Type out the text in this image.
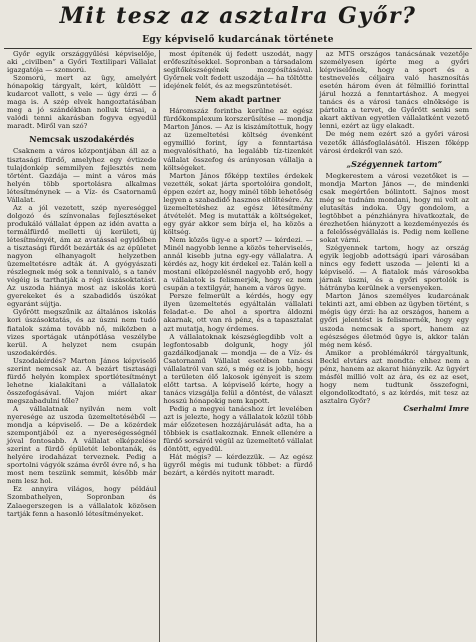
Mit tesz az asztalra Győr?
Egy képviselő kudarcának története

Győr egyik országgyűlési képviselője, aki „civilben” a Győri Textilipari Vállalat igazgatója — szomorú.

Szomorú, mert az ügy, amelyért hónapokig tárgyalt, kért, küldött — kudarcot vallott, s vele — úgy érzi — ő maga is. A szép elvek hangoztatásában meg a jó szándékban nolluk társai, a valódi tenni akarásban fogyva egyedül maradt. Miről van szó?

Nemcsak uszodakérdés

Csaknem a város központjában áll az a tisztasági fürdő, amelyhez egy évtizede tulajdonkép semmilyen fejlesztés nem történt. Gazdája — mint a város más helyén több sportolásra alkalmas létesítménynek — a Víz- és Csatornamű Vállalat.

Az a jól vezetett, szép nyereséggel dolgozó és színvonalas fejlesztéseket produkáló vállalat éppen az idén avatta a termálfürdő melletti új kerületi, új létesítményét, ám az avatással egyidőben a tisztasági fürdőt bezárták és az épületet nagyon elhanyagolt helyzetben üzemeltetésre adták át. A gyógyászati részlegnek még sok a tennivaló, s a tanév végéig is tarthatják a régi úszásoktatást. Az uszoda hiánya most az iskolás korú gyerekeket és a szabadidős úszókat egyaránt sújtja.

Győrött megszűnik az általános iskolás kori úszásoktatás, és az úszni nem tudó fiatalok száma tovább nő, miközben a vizes sportágak utánpótlása veszélybe kerül. A helyzet nem csupán uszodakérdés.

Uszodakérdés? Marton János képviselő szerint nemcsak az. A bezárt tisztasági fürdő helyén komplex sportlétesítményt lehetne kialakítani a vállalatok összefogásával. Vajon miért akar megszabadulni tőle?

A vállalatnak nyilván nem volt nyeresége az uszoda üzemeltetéséből — mondja a képviselő. — De a közérdek szempontjából ez a nyereségességnél jóval fontosabb. A vállalat elképzelése szerint a fürdő épületét lebontanák, és helyére irodaházat terveznek. Pedig a sportolni vágyók száma évről évre nő, s ha most nem teszünk semmit, később már nem lesz hol.

Ez annyira világos, hogy például Szombathelyen, Sopronban és Zalaegerszegen is a vállalatok közösen tartják fenn a hasonló létesítményeket.

most építenék új fedett uszodát, nagy erőfeszítésekkel. Sopronban a társadalom segítőkészségének mozgósításával. Győrnek volt fedett uszodája — ha töltötte idejének felét, és az megszüntetését.

Nem akadt partner

Háromszáz forintba kerülne az egész fürdőkomplexum korszerűsítése — mondja Marton János. — Az is kiszámítottuk, hogy az üzemeltetési költség évenként egymillió forint, így a fenntartása megvalósítható, ha legalább tíz-tizenkét vállalat összefog és arányosan vállalja a költségeket.

Marton János főképp textiles érdekek vezették, sokat járta sportolóira gondolt, éppen ezért az, hogy minél több lehetőség legyen a szabadidő hasznos eltöltésére. Az üzemeltetéshez az egész létesítmény átvételét. Meg is mutatták a költségeket, egy gyár akkor sem bírja el, ha közös a költség.

Nem közös ügy-e a sport? — kérdezi. — Minél nagyobb lenne a közös teherviselés, annál kisebb jutna egy-egy vállalatra. A kérdés az, hogy kit érdekel ez. Talán kell a mostani elképzelésnél nagyobb erő, hogy a vállalatok is felismerjék, hogy ez nem csupán a textilgyár, hanem a város ügye.

Persze felmerült a kérdés, hogy egy ilyen üzemeltetés egyáltalán vállalati feladat-e. De ahol a sportra áldozni akarnak, ott van rá pénz, és a tapasztalat azt mutatja, hogy érdemes.

A vállalatoknak készséglegdibb volt a legfontosabb dolgunk, hogy jól gazdálkodjanak — mondja — de a Víz- és Csatornamű Vállalat esetében tanácsi vállalatról van szó, s még ez is jobb, hogy a területen élő lakosok igényeit is szem előtt tartsa. A képviselő kérte, hogy a tanács vizsgálja felül a döntést, de választ hosszú hónapokig nem kapott.

Pedig a megyei tanácshoz írt levelében azt is jelezte, hogy a vállalatok közül több már előzetesen hozzájárulását adta, ha a többiek is csatlakoznak. Ennek ellenére a fürdő sorsáról végül az üzemeltető vállalat döntött, egyedül.

Hát mégis? — kérdezzük. — Az egész ügyről mégis mi tudunk többet: a fürdő bezárt, a kérdés nyitott maradt.

az MTS országos tanácsának vezetője személyesen ígérte meg a győri képviselőnek, hogy a sport és a testnevelés céljaira való hasznosítás esetén három éven át félmillió forinttal járul hozzá a fenntartáshoz. A megyei tanács és a városi tanács elnöksége is pártolta a tervet, de Győrött senki sem akart aktívan egyetlen vállalatként vezető lenni, ezért az ügy elakadt.

De még nem ezért szó a győri városi vezetők állásfoglalásától. Hiszen főképp városi érdekről van szó.

„Szégyennek tartom”

Megkerestem a városi vezetőket is — mondja Marton János —, de mindenki csak megértően bólintott. Sajnos most még se tudnám mondani, hogy mi volt az elutasítás indoka. Úgy gondolom, a legtöbbet a pénzhiányra hivatkoztak, de érezhetően hiányzott a kezdeményezés és a felelősségvállalás is. Pedig nem kellene sokat várni.

Szégyennek tartom, hogy az ország egyik legjobb adottságú ipari városában nincs egy fedett uszoda — jelenti ki a képviselő. — A fiatalok más városokba járnak úszni, és a győri sportolók is hátrányba kerülnek a versenyeken.

Marton János személyes kudarcának tekinti azt, ami ebben az ügyben történt, s mégis úgy érzi: ha az országos, hanem a győri jelentést is felismernék, hogy egy uszoda nemcsak a sport, hanem az egészséges életmód ügye is, akkor talán még nem késő.

Amikor a problémákról tárgyaltunk, Beckl elvtárs azt mondta: ehhez nem a pénz, hanem az akarat hiányzik. Az ügyért másfél millió volt az ára, és ez az eset, hogy nem tudtunk összefogni, elgondolkodtató, s az kérdés, mit tesz az asztalra Győr?

Cserhalmi Imre
